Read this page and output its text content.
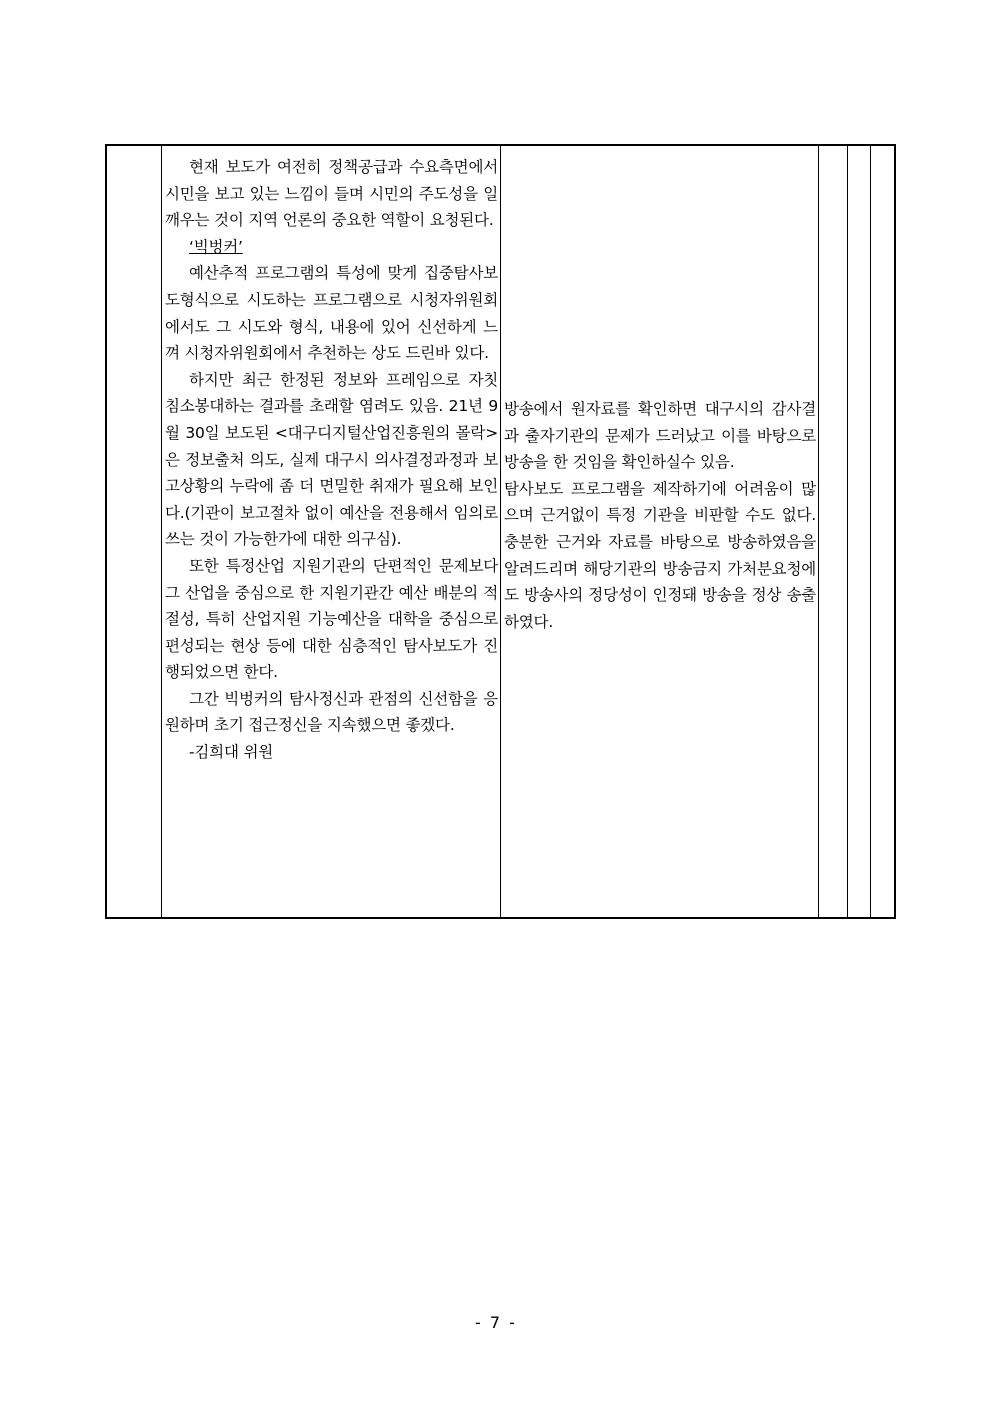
현재 보도가 여전히 정책공급과 수요측면에서 시민을 보고 있는 느낌이 들며 시민의 주도성을 일깨우는 것이 지역 언론의 중요한 역할이 요청된다.

‘빅벙커’

예산추적 프로그램의 특성에 맞게 집중탐사보도형식으로 시도하는 프로그램으로 시청자위원회에서도 그 시도와 형식, 내용에 있어 신선하게 느껴 시청자위원회에서 추천하는 상도 드린바 있다.

하지만 최근 한정된 정보와 프레임으로 자칫 침소봉대하는 결과를 초래할 염려도 있음. 21년 9월 30일 보도된 <대구디지털산업진흥원의 몰락>은 정보출처 의도, 실제 대구시 의사결정과정과 보고상황의 누락에 좀 더 면밀한 취재가 필요해 보인다.(기관이 보고절차 없이 예산을 전용해서 임의로 쓰는 것이 가능한가에 대한 의구심).

또한 특정산업 지원기관의 단편적인 문제보다 그 산업을 중심으로 한 지원기관간 예산 배분의 적절성, 특히 산업지원 기능예산을 대학을 중심으로 편성되는 현상 등에 대한 심층적인 탐사보도가 진행되었으면 한다.

그간 빅벙커의 탐사정신과 관점의 신선함을 응원하며 초기 접근정신을 지속했으면 좋겠다.

-김희대 위원

방송에서 원자료를 확인하면 대구시의 감사결과 출자기관의 문제가 드러났고 이를 바탕으로 방송을 한 것임을 확인하실수 있음.

탐사보도 프로그램을 제작하기에 어려움이 많으며 근거없이 특정 기관을 비판할 수도 없다. 충분한 근거와 자료를 바탕으로 방송하였음을 알려드리며 해당기관의 방송금지 가처분요청에도 방송사의 정당성이 인정돼 방송을 정상 송출하였다.

- 7 -
